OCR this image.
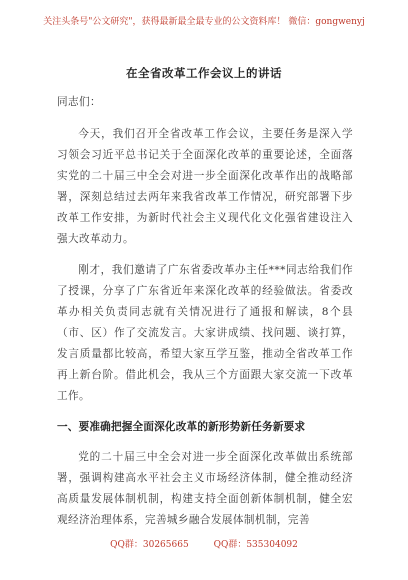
关注头条号"公文研究"，获得最新最全最专业的公文资料库！ 微信：gongwenyj
在全省改革工作会议上的讲话

同志们：

今天，我们召开全省改革工作会议，主要任务是深入学习领会习近平总书记关于全面深化改革的重要论述，全面落实党的二十届三中全会对进一步全面深化改革作出的战略部署，深刻总结过去两年来我省改革工作情况，研究部署下步改革工作安排，为新时代社会主义现代化文化强省建设注入强大改革动力。

刚才，我们邀请了广东省委改革办主任***同志给我们作了授课，分享了广东省近年来深化改革的经验做法。省委改革办相关负责同志就有关情况进行了通报和解读，8个县（市、区）作了交流发言。大家讲成绩、找问题、谈打算，发言质量都比较高，希望大家互学互鉴，推动全省改革工作再上新台阶。借此机会，我从三个方面跟大家交流一下改革工作。

一、要准确把握全面深化改革的新形势新任务新要求

党的二十届三中全会对进一步全面深化改革做出系统部署，强调构建高水平社会主义市场经济体制，健全推动经济高质量发展体制机制，构建支持全面创新体制机制，健全宏观经济治理体系，完善城乡融合发展体制机制，完善

QQ群：30265665	QQ群：535304092
